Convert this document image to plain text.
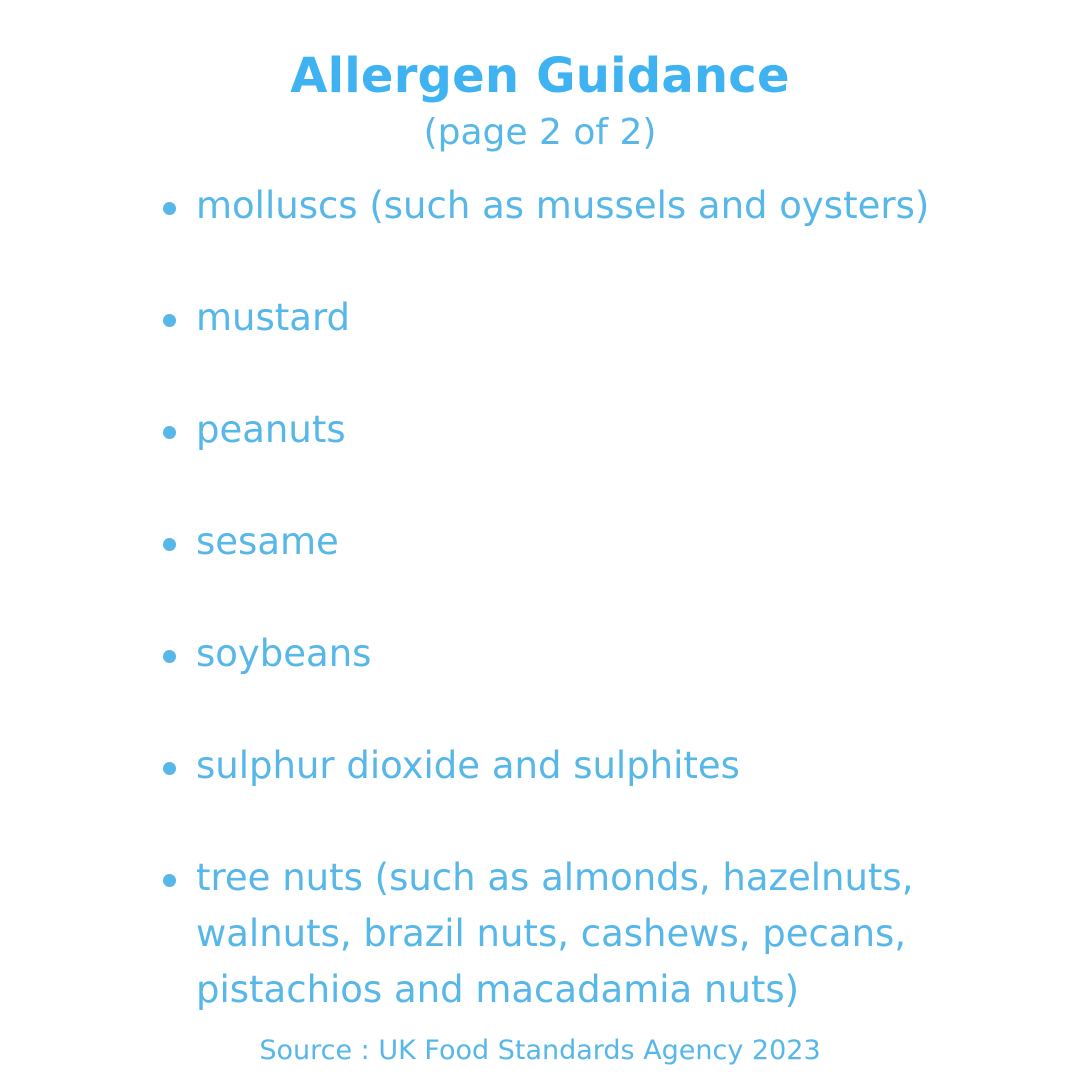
Allergen Guidance
(page 2 of 2)
molluscs (such as mussels and oysters)
mustard
peanuts
sesame
soybeans
sulphur dioxide and sulphites
tree nuts (such as almonds, hazelnuts, walnuts, brazil nuts, cashews, pecans, pistachios and macadamia nuts)
Source : UK Food Standards Agency 2023
